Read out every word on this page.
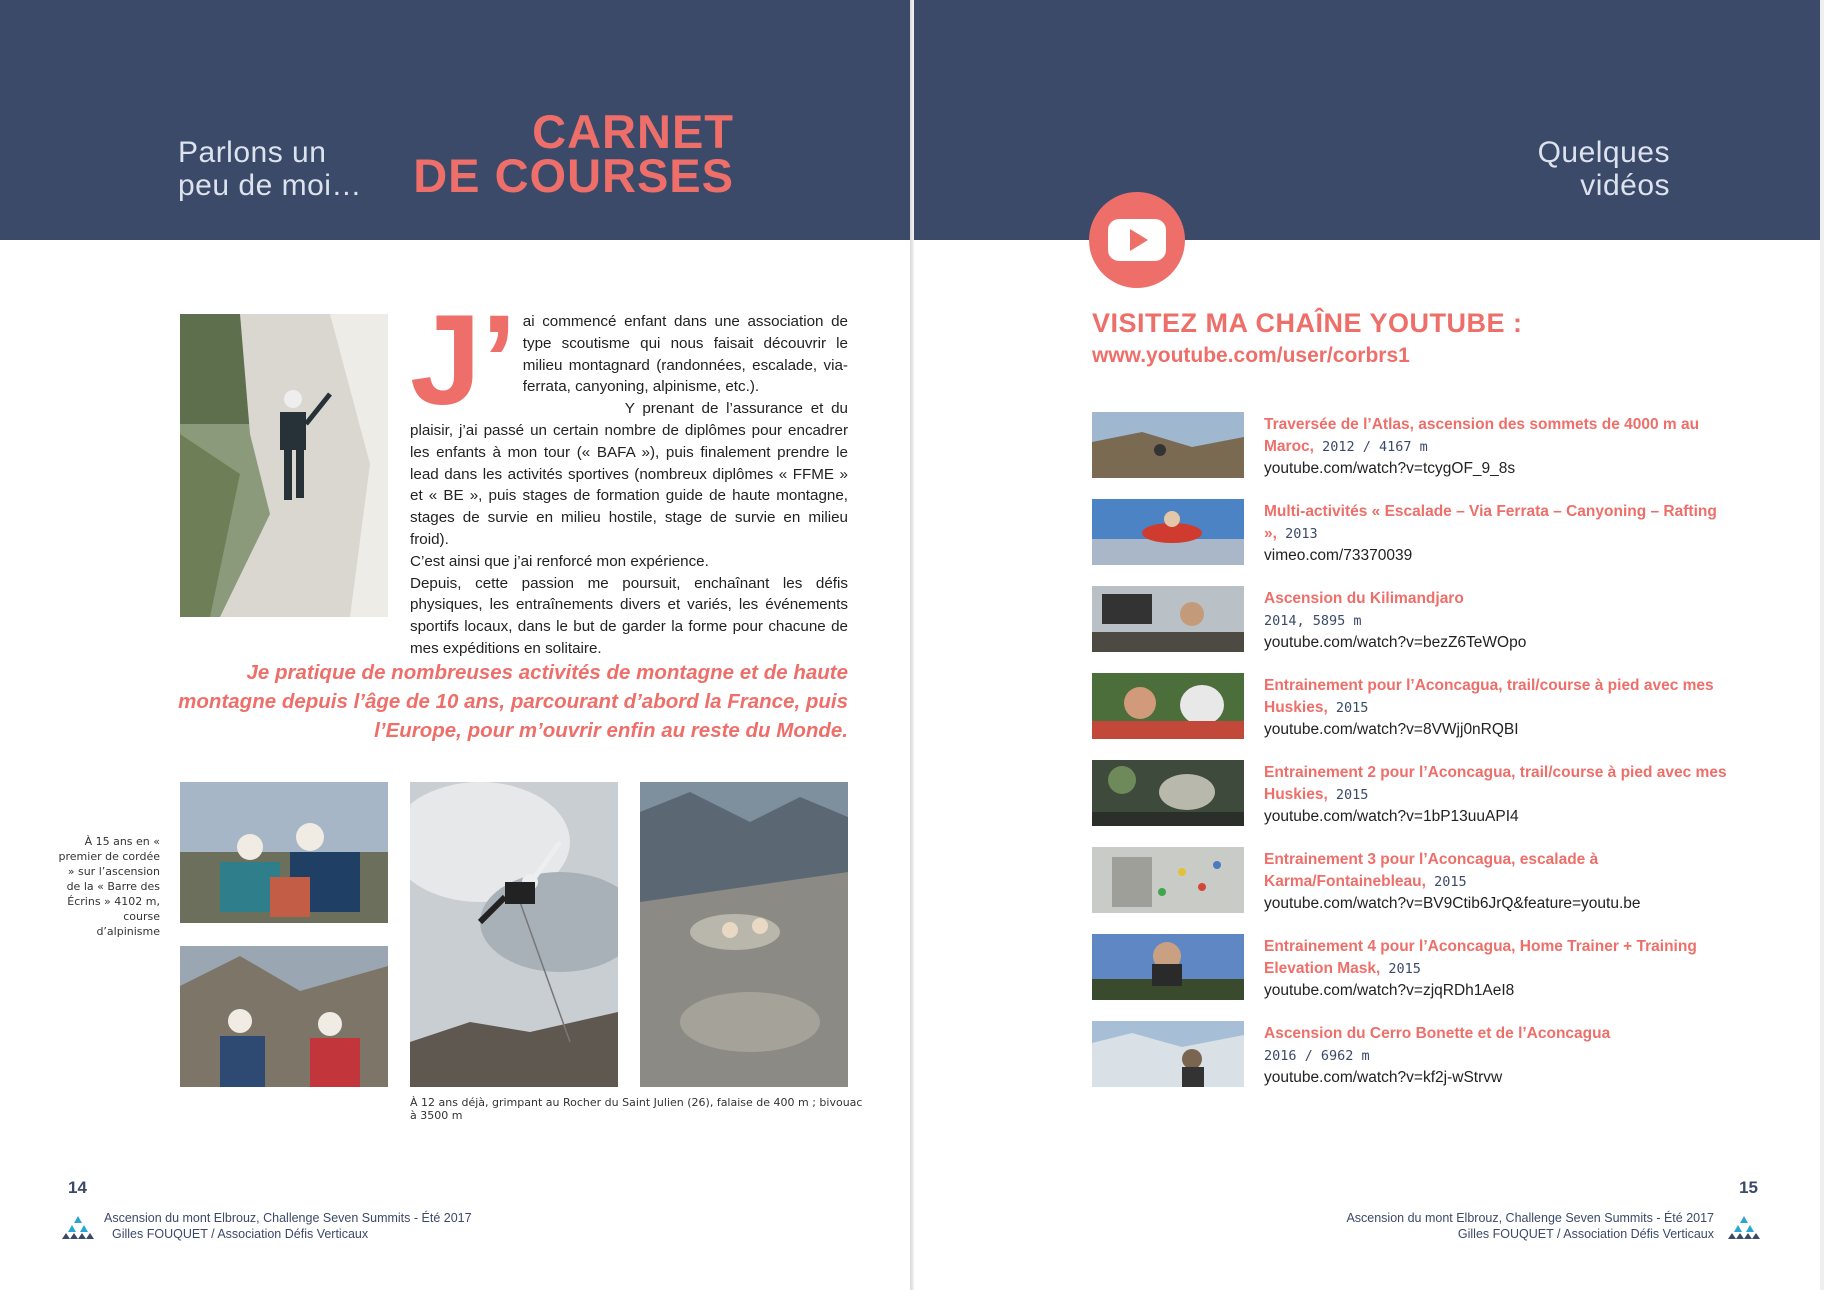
Parlons un
peu de moi…
CARNET
DE COURSES
J’ ai commencé enfant dans une association de type scoutisme qui nous faisait découvrir le milieu montagnard (randonnées, escalade, via-ferrata, canyoning, alpinisme, etc.).

Y prenant de l’assurance et du plaisir, j’ai passé un certain nombre de diplômes pour encadrer les enfants à mon tour (« BAFA »), puis finalement prendre le lead dans les activités sportives (nombreux diplômes « FFME » et « BE », puis stages de formation guide de haute montagne, stages de survie en milieu hostile, stage de survie en milieu froid).

C’est ainsi que j’ai renforcé mon expérience.

Depuis, cette passion me poursuit, enchaînant les défis physiques, les entraînements divers et variés, les événements sportifs locaux, dans le but de garder la forme pour chacune de mes expéditions en solitaire.

Je pratique de nombreuses activités de montagne et de haute montagne depuis l’âge de 10 ans, parcourant d’abord la France, puis l’Europe, pour m’ouvrir enfin au reste du Monde.
À 15 ans en « premier de cordée » sur l’ascension de la « Barre des Écrins » 4102 m, course d’alpinisme
À 12 ans déjà, grimpant au Rocher du Saint Julien (26), falaise de 400 m ; bivouac à 3500 m
14
Ascension du mont Elbrouz, Challenge Seven Summits - Été 2017
Gilles FOUQUET / Association Défis Verticaux
Quelques
vidéos
VISITEZ MA CHAÎNE YOUTUBE :
www.youtube.com/user/corbrs1
Traversée de l’Atlas, ascension des sommets de 4000 m au Maroc, 2012 / 4167 m
youtube.com/watch?v=tcygOF_9_8s
Multi-activités « Escalade – Via Ferrata – Canyoning – Rafting », 2013
vimeo.com/73370039
Ascension du Kilimandjaro
2014, 5895 m
youtube.com/watch?v=bezZ6TeWOpo
Entrainement pour l’Aconcagua, trail/course à pied avec mes Huskies, 2015
youtube.com/watch?v=8VWjj0nRQBI
Entrainement 2 pour l’Aconcagua, trail/course à pied avec mes Huskies, 2015
youtube.com/watch?v=1bP13uuAPI4
Entrainement 3 pour l’Aconcagua, escalade à Karma/Fontainebleau, 2015
youtube.com/watch?v=BV9Ctib6JrQ&feature=youtu.be
Entrainement 4 pour l’Aconcagua, Home Trainer + Training Elevation Mask, 2015
youtube.com/watch?v=zjqRDh1AeI8
Ascension du Cerro Bonette et de l’Aconcagua
2016 / 6962 m
youtube.com/watch?v=kf2j-wStrvw
15
Ascension du mont Elbrouz, Challenge Seven Summits - Été 2017
Gilles FOUQUET / Association Défis Verticaux
